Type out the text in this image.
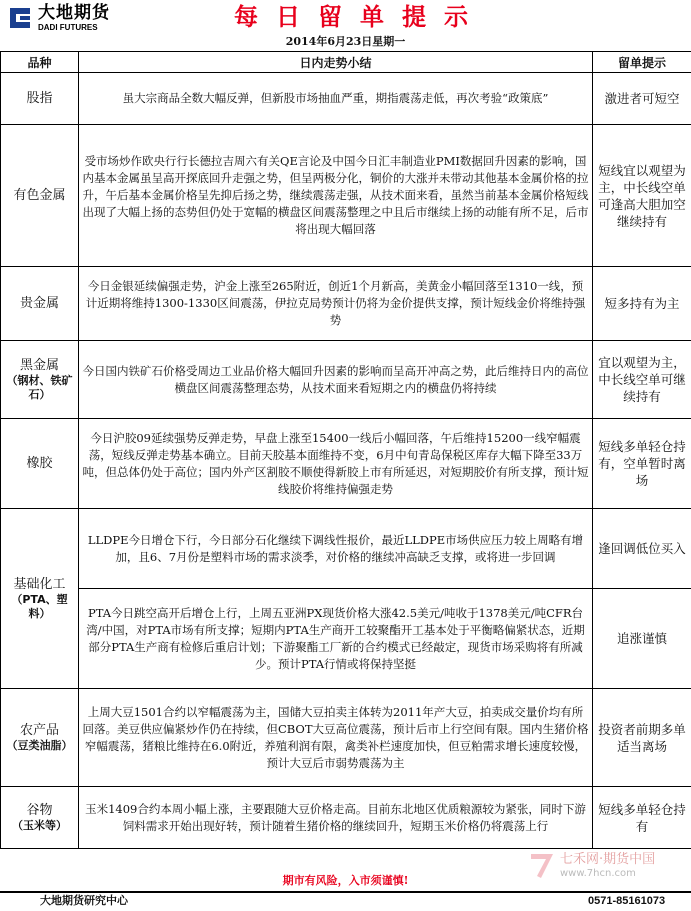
大地期货
DADI FUTURES	每日留单提示
2014年6月23日星期一
品种	日内走势小结	留单提示

股指	虽大宗商品全数大幅反弹，但新股市场抽血严重，期指震荡走低，再次考验“政策底”	激进者可短空

有色金属	受市场炒作欧央行行长德拉吉周六有关QE言论及中国今日汇丰制造业PMI数据回升因素的影响，国内基本金属虽呈高开探底回升走强之势，但呈两极分化，铜价的大涨并未带动其他基本金属价格的拉升，午后基本金属价格呈先抑后扬之势，继续震荡走强，从技术面来看，虽然当前基本金属价格短线出现了大幅上扬的态势但仍处于宽幅的横盘区间震荡整理之中且后市继续上扬的动能有所不足，后市将出现大幅回落	短线宜以观望为主，中长线空单可逢高大胆加空继续持有

贵金属	今日金银延续偏强走势，沪金上涨至265附近，创近1个月新高，美黄金小幅回落至1310一线，预计近期将维持1300-1330区间震荡，伊拉克局势预计仍将为金价提供支撑，预计短线金价将维持强势	短多持有为主

黑金属
（钢材、铁矿石）	今日国内铁矿石价格受周边工业品价格大幅回升因素的影响而呈高开冲高之势，此后维持日内的高位横盘区间震荡整理态势，从技术面来看短期之内的横盘仍将持续	宜以观望为主，中长线空单可继续持有

橡胶	今日沪胶09延续强势反弹走势，早盘上涨至15400一线后小幅回落，午后维持15200一线窄幅震荡，短线反弹走势基本确立。目前天胶基本面维持不变，6月中旬青岛保税区库存大幅下降至33万吨，但总体仍处于高位；国内外产区割胶不顺使得新胶上市有所延迟，对短期胶价有所支撑，预计短线胶价将维持偏强走势	短线多单轻仓持有，空单暂时离场

基础化工
（PTA、塑料）	LLDPE今日增仓下行，今日部分石化继续下调线性报价，最近LLDPE市场供应压力较上周略有增加，且6、7月份是塑料市场的需求淡季，对价格的继续冲高缺乏支撑，或将进一步回调	逢回调低位买入
	PTA今日跳空高开后增仓上行，上周五亚洲PX现货价格大涨42.5美元/吨收于1378美元/吨CFR台湾/中国，对PTA市场有所支撑；短期内PTA生产商开工较聚酯开工基本处于平衡略偏紧状态，近期部分PTA生产商有检修后重启计划；下游聚酯工厂新的合约模式已经敲定，现货市场采购将有所减少。预计PTA行情或将保持坚挺	追涨谨慎

农产品
（豆类油脂）	上周大豆1501合约以窄幅震荡为主，国储大豆拍卖主体转为2011年产大豆，拍卖成交量价均有所回落。美豆供应偏紧炒作仍在持续，但CBOT大豆高位震荡，预计后市上行空间有限。国内生猪价格窄幅震荡，猪粮比维持在6.0附近，养殖利润有限，禽类补栏速度加快，但豆粕需求增长速度较慢，预计大豆后市弱势震荡为主	投资者前期多单适当离场

谷物
（玉米等）	玉米1409合约本周小幅上涨，主要跟随大豆价格走高。目前东北地区优质粮源较为紧张，同时下游饲料需求开始出现好转，预计随着生猪价格的继续回升，短期玉米价格仍将震荡上行	短线多单轻仓持有
七禾网·期货中国
www.7hcn.com
期市有风险，入市须谨慎!
大地期货研究中心	0571-85161073
